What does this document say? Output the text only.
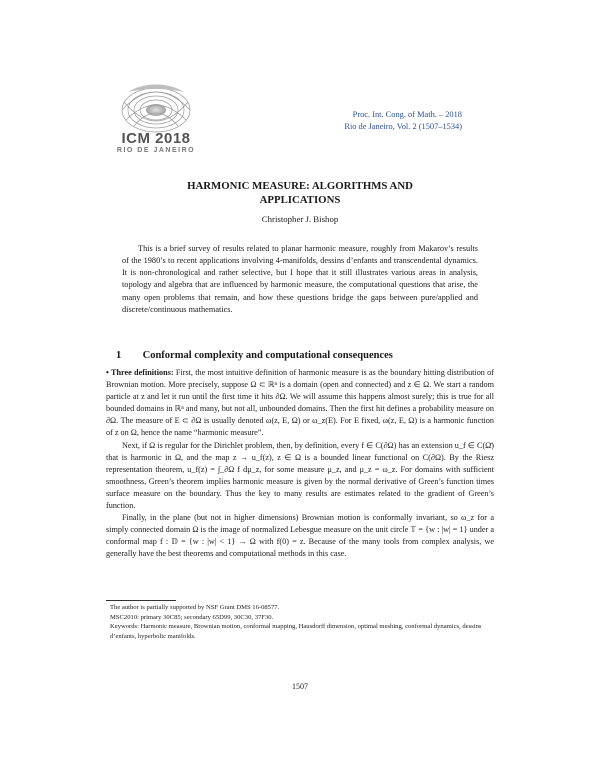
ICM 2018
RIO DE JANEIRO
Proc. Int. Cong. of Math. – 2018
Rio de Janeiro, Vol. 2 (1507–1534)
HARMONIC MEASURE: ALGORITHMS AND
APPLICATIONS
Christopher J. Bishop

This is a brief survey of results related to planar harmonic measure, roughly from Makarov’s results of the 1980’s to recent applications involving 4-manifolds, dessins d’enfants and transcendental dynamics. It is non-chronological and rather selective, but I hope that it still illustrates various areas in analysis, topology and algebra that are influenced by harmonic measure, the computational questions that arise, the many open problems that remain, and how these questions bridge the gaps between pure/applied and discrete/continuous mathematics.

1 Conformal complexity and computational consequences

• Three definitions: First, the most intuitive definition of harmonic measure is as the boundary hitting distribution of Brownian motion. More precisely, suppose Ω ⊂ ℝⁿ is a domain (open and connected) and z ∈ Ω. We start a random particle at z and let it run until the first time it hits ∂Ω. We will assume this happens almost surely; this is true for all bounded domains in ℝⁿ and many, but not all, unbounded domains. Then the first hit defines a probability measure on ∂Ω. The measure of E ⊂ ∂Ω is usually denoted ω(z, E, Ω) or ω_z(E). For E fixed, ω(z, E, Ω) is a harmonic function of z on Ω, hence the name “harmonic measure”.

Next, if Ω is regular for the Dirichlet problem, then, by definition, every f ∈ C(∂Ω) has an extension u_f ∈ C(Ω̄) that is harmonic in Ω, and the map z → u_f(z), z ∈ Ω is a bounded linear functional on C(∂Ω). By the Riesz representation theorem, u_f(z) = ∫_∂Ω f dμ_z, for some measure μ_z, and μ_z = ω_z. For domains with sufficient smoothness, Green’s theorem implies harmonic measure is given by the normal derivative of Green’s function times surface measure on the boundary. Thus the key to many results are estimates related to the gradient of Green’s function.

Finally, in the plane (but not in higher dimensions) Brownian motion is conformally invariant, so ω_z for a simply connected domain Ω is the image of normalized Lebesgue measure on the unit circle 𝕋 = {w : |w| = 1} under a conformal map f : 𝔻 = {w : |w| < 1} → Ω with f(0) = z. Because of the many tools from complex analysis, we generally have the best theorems and computational methods in this case.

The author is partially supported by NSF Grant DMS 16-08577.
MSC2010: primary 30C85; secondary 65D99, 30C30, 37F30.
Keywords: Harmonic measure, Brownian motion, conformal mapping, Hausdorff dimension, optimal meshing, conformal dynamics, dessins d’enfants, hyperbolic manifolds.
1507
